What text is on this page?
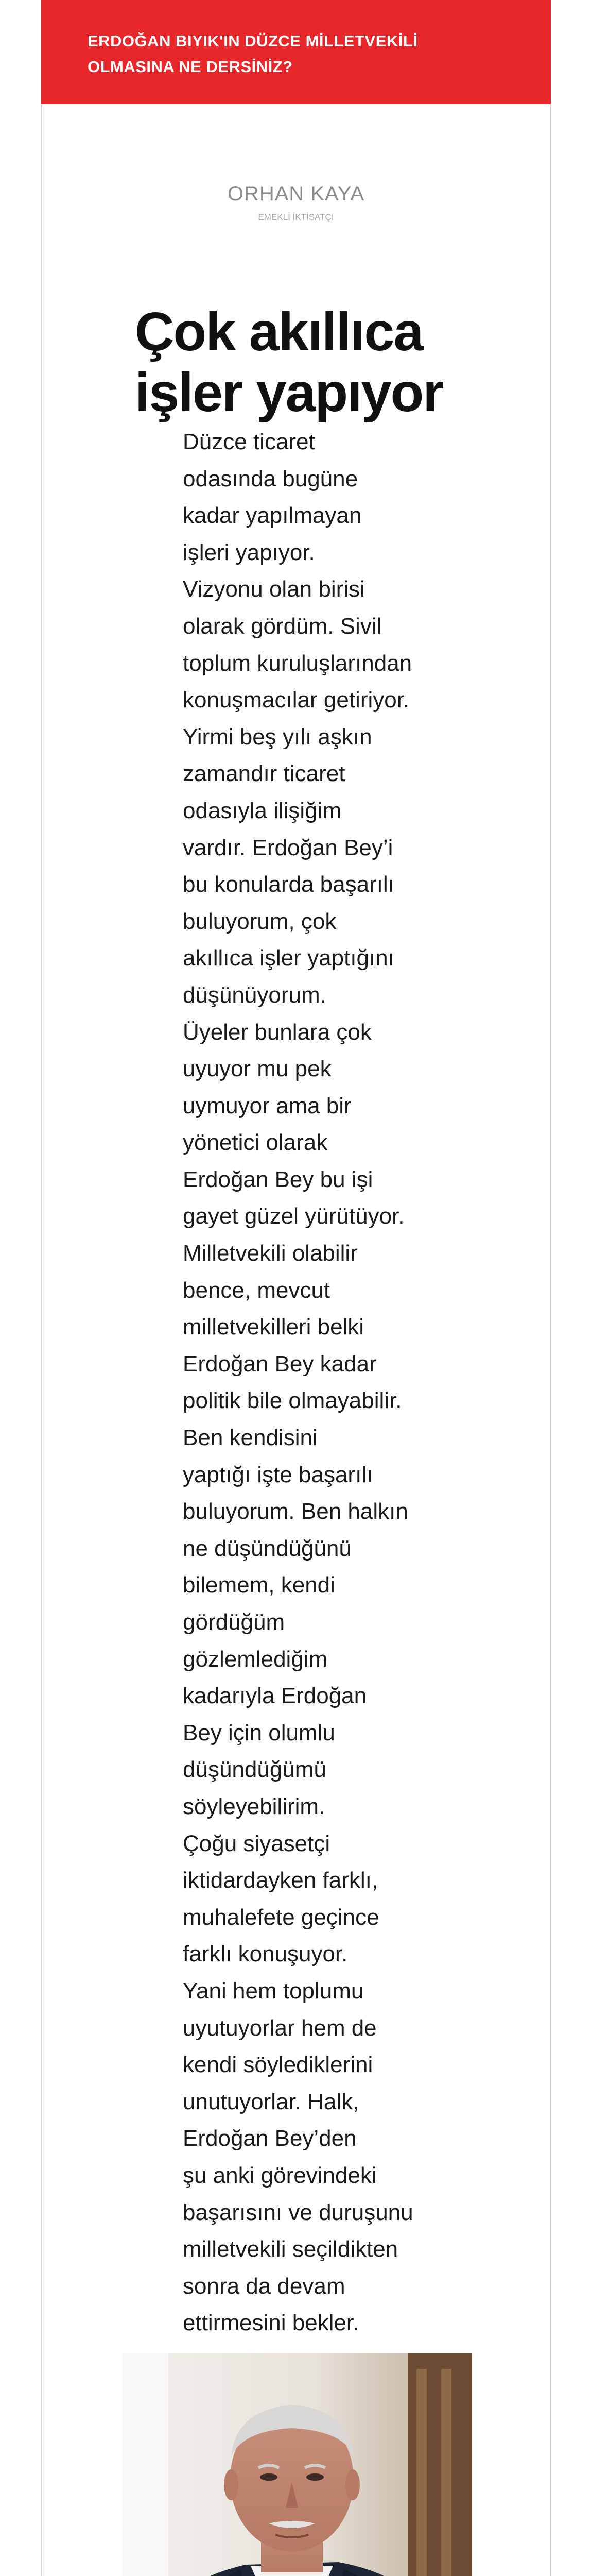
ERDOĞAN BIYIK'IN DÜZCE MİLLETVEKİLİ
OLMASINA NE DERSİNİZ?

ORHAN KAYA
EMEKLİ İKTİSATÇI
Çok akıllıca
işler yapıyor
Düzce ticaret
odasında bugüne
kadar yapılmayan
işleri yapıyor.
Vizyonu olan birisi
olarak gördüm. Sivil
toplum kuruluşlarından
konuşmacılar getiriyor.
Yirmi beş yılı aşkın
zamandır ticaret
odasıyla ilişiğim
vardır. Erdoğan Bey’i
bu konularda başarılı
buluyorum, çok
akıllıca işler yaptığını
düşünüyorum.
Üyeler bunlara çok
uyuyor mu pek
uymuyor ama bir
yönetici olarak
Erdoğan Bey bu işi
gayet güzel yürütüyor.
Milletvekili olabilir
bence, mevcut
milletvekilleri belki
Erdoğan Bey kadar
politik bile olmayabilir.
Ben kendisini
yaptığı işte başarılı
buluyorum. Ben halkın
ne düşündüğünü
bilemem, kendi
gördüğüm
gözlemlediğim
kadarıyla Erdoğan
Bey için olumlu
düşündüğümü
söyleyebilirim.
Çoğu siyasetçi
iktidardayken farklı,
muhalefete geçince
farklı konuşuyor.
Yani hem toplumu
uyutuyorlar hem de
kendi söylediklerini
unutuyorlar. Halk,
Erdoğan Bey’den
şu anki görevindeki
başarısını ve duruşunu
milletvekili seçildikten
sonra da devam
ettirmesini bekler.
